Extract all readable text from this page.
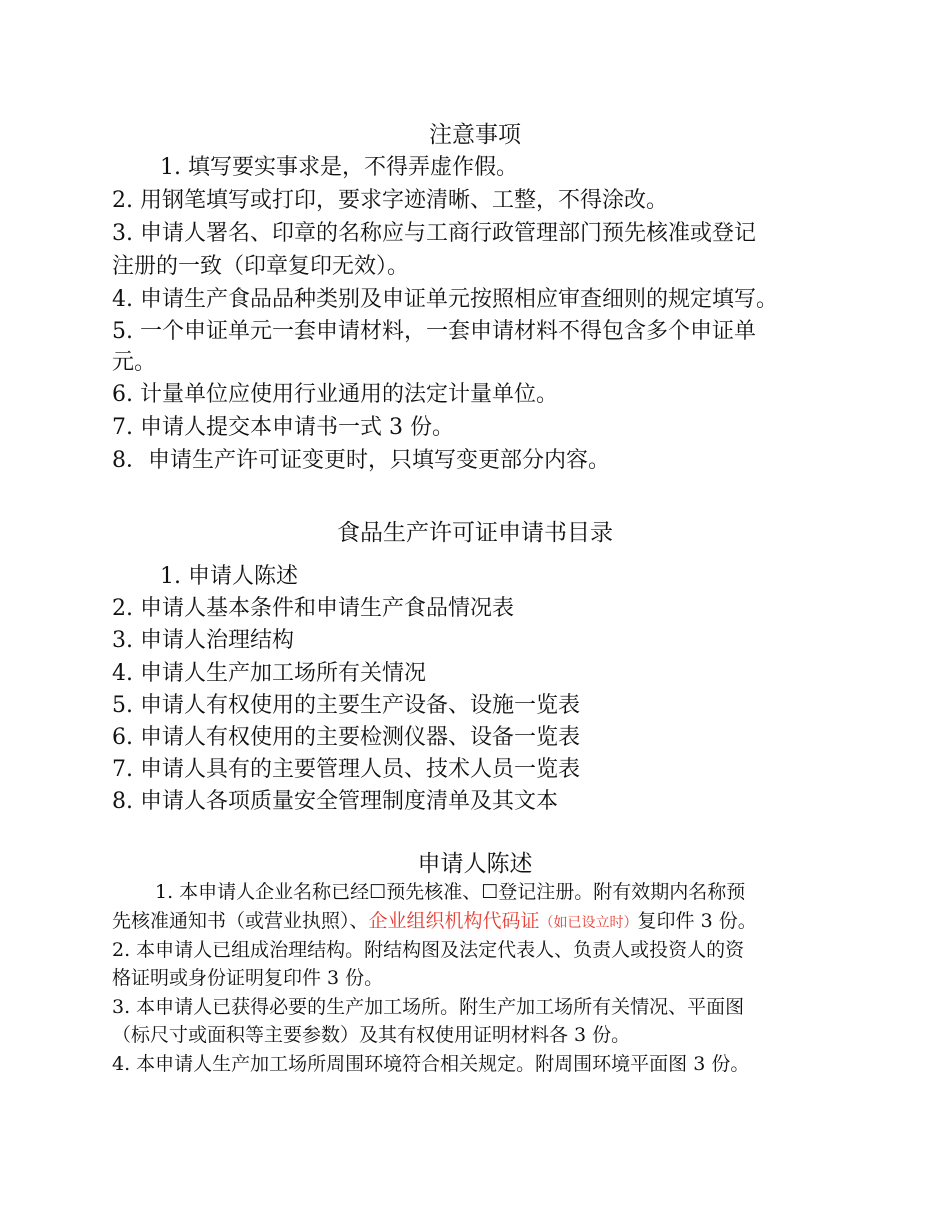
注意事项
1. 填写要实事求是，不得弄虚作假。
2. 用钢笔填写或打印，要求字迹清晰、工整，不得涂改。
3. 申请人署名、印章的名称应与工商行政管理部门预先核准或登记
注册的一致（印章复印无效）。
4. 申请生产食品品种类别及申证单元按照相应审查细则的规定填写。
5. 一个申证单元一套申请材料，一套申请材料不得包含多个申证单
元。
6. 计量单位应使用行业通用的法定计量单位。
7. 申请人提交本申请书一式 3 份。
8．申请生产许可证变更时，只填写变更部分内容。
食品生产许可证申请书目录
1. 申请人陈述
2. 申请人基本条件和申请生产食品情况表
3. 申请人治理结构
4. 申请人生产加工场所有关情况
5. 申请人有权使用的主要生产设备、设施一览表
6. 申请人有权使用的主要检测仪器、设备一览表
7. 申请人具有的主要管理人员、技术人员一览表
8. 申请人各项质量安全管理制度清单及其文本
申请人陈述
1. 本申请人企业名称已经☐预先核准、☐登记注册。附有效期内名称预
先核准通知书（或营业执照）、企业组织机构代码证（如已设立时）复印件 3 份。
2. 本申请人已组成治理结构。附结构图及法定代表人、负责人或投资人的资
格证明或身份证明复印件 3 份。
3. 本申请人已获得必要的生产加工场所。附生产加工场所有关情况、平面图
（标尺寸或面积等主要参数）及其有权使用证明材料各 3 份。
4. 本申请人生产加工场所周围环境符合相关规定。附周围环境平面图 3 份。
